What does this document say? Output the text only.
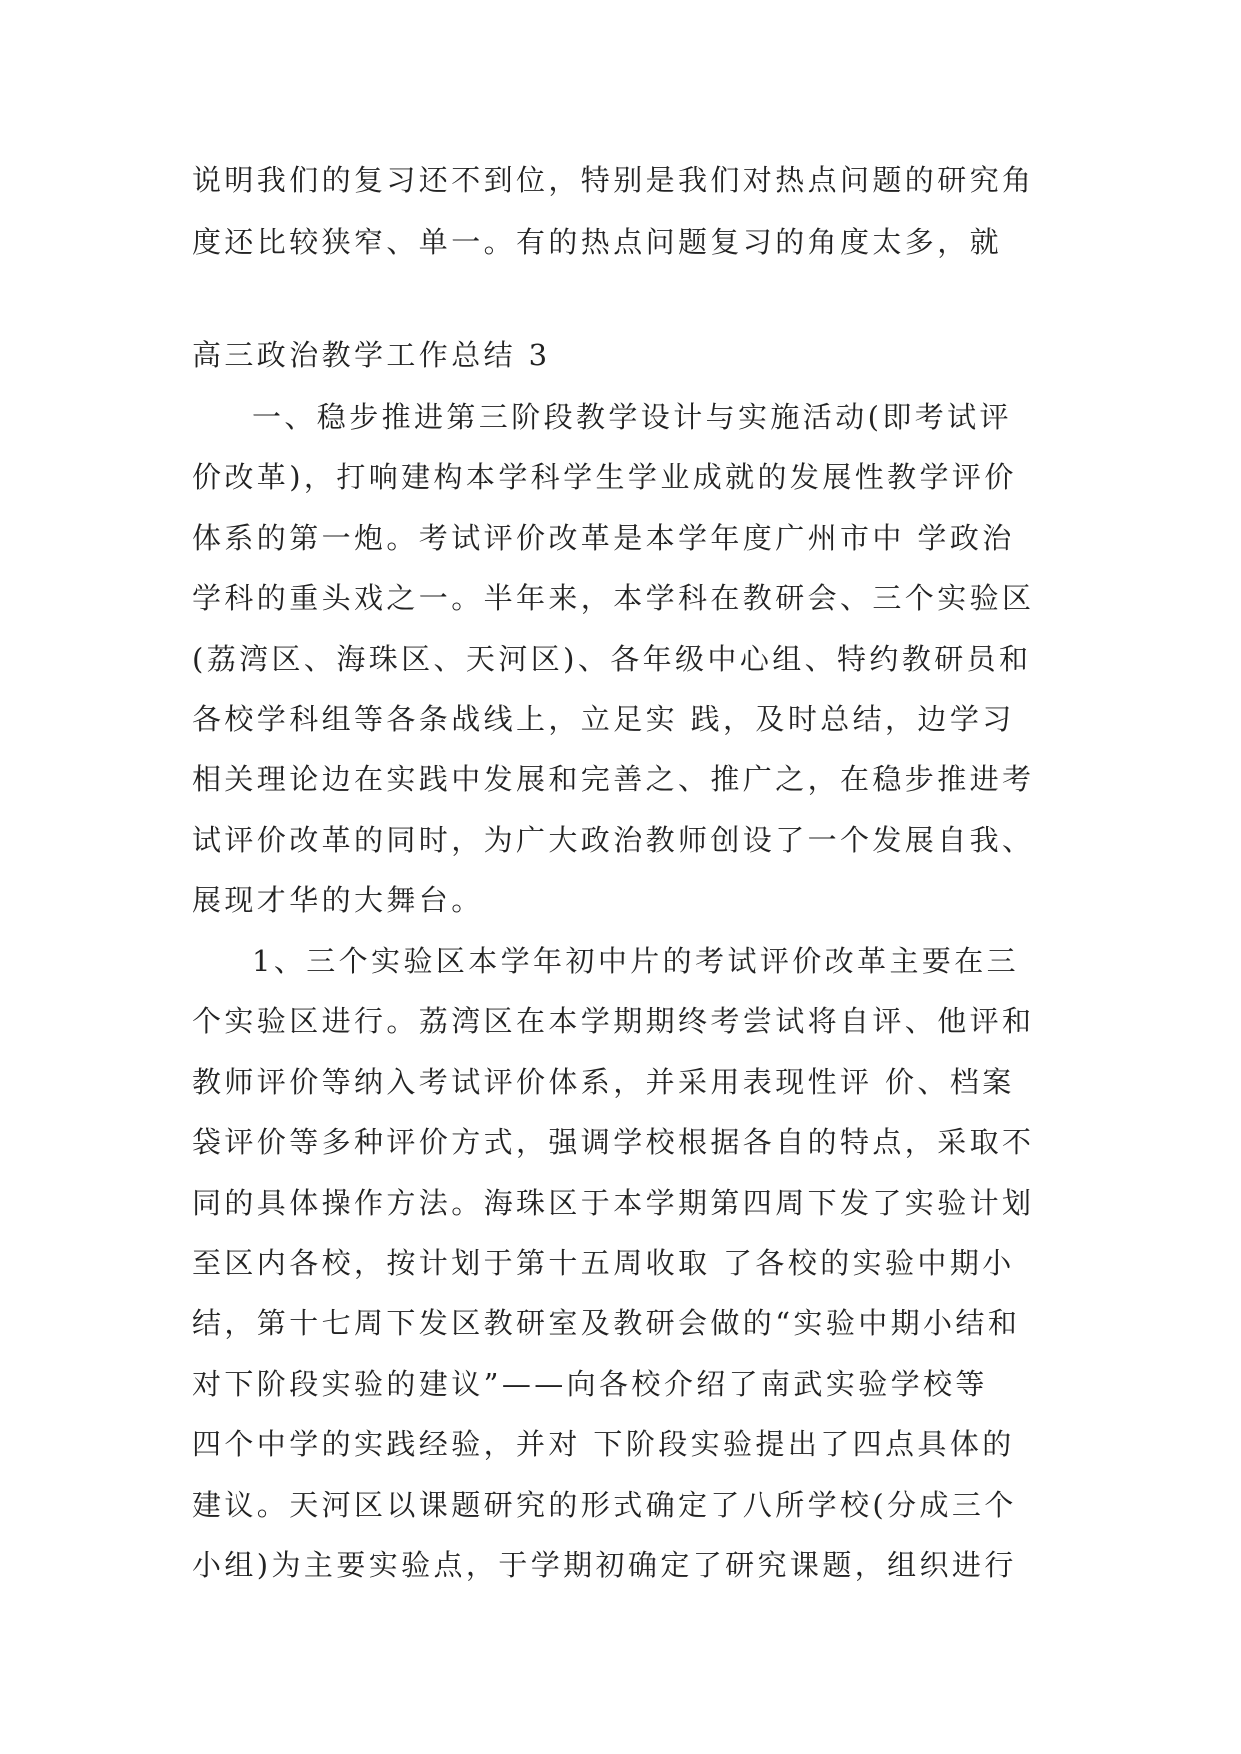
说明我们的复习还不到位，特别是我们对热点问题的研究角
度还比较狭窄、单一。有的热点问题复习的角度太多，就
高三政治教学工作总结 3
一、稳步推进第三阶段教学设计与实施活动(即考试评
价改革)，打响建构本学科学生学业成就的发展性教学评价
体系的第一炮。考试评价改革是本学年度广州市中 学政治
学科的重头戏之一。半年来，本学科在教研会、三个实验区
(荔湾区、海珠区、天河区)、各年级中心组、特约教研员和
各校学科组等各条战线上，立足实 践，及时总结，边学习
相关理论边在实践中发展和完善之、推广之，在稳步推进考
试评价改革的同时，为广大政治教师创设了一个发展自我、
展现才华的大舞台。
1、三个实验区本学年初中片的考试评价改革主要在三
个实验区进行。荔湾区在本学期期终考尝试将自评、他评和
教师评价等纳入考试评价体系，并采用表现性评 价、档案
袋评价等多种评价方式，强调学校根据各自的特点，采取不
同的具体操作方法。海珠区于本学期第四周下发了实验计划
至区内各校，按计划于第十五周收取 了各校的实验中期小
结，第十七周下发区教研室及教研会做的“实验中期小结和
对下阶段实验的建议”——向各校介绍了南武实验学校等
四个中学的实践经验，并对 下阶段实验提出了四点具体的
建议。天河区以课题研究的形式确定了八所学校(分成三个
小组)为主要实验点，于学期初确定了研究课题，组织进行
